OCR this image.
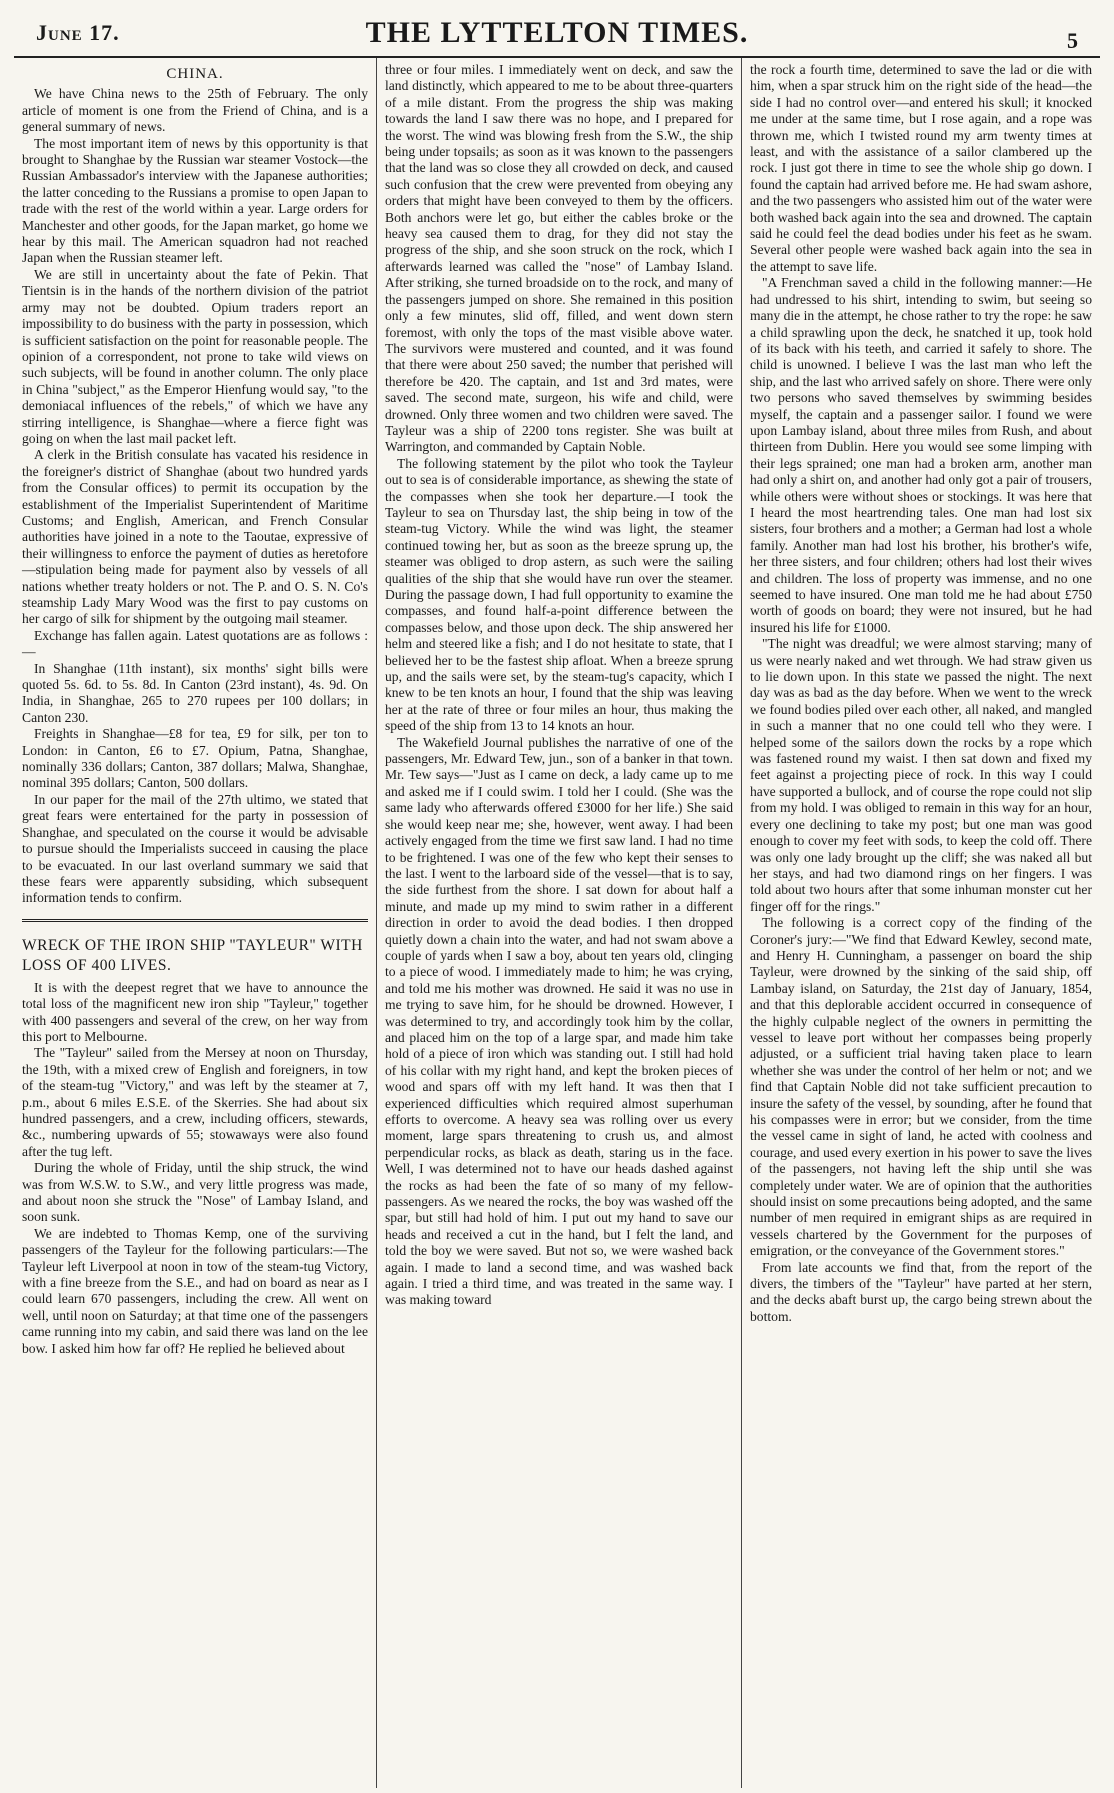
June 17.	THE LYTTELTON TIMES.	5
CHINA.

We have China news to the 25th of February. The only article of moment is one from the Friend of China, and is a general summary of news.

The most important item of news by this opportunity is that brought to Shanghae by the Russian war steamer Vostock—the Russian Ambassador's interview with the Japanese authorities; the latter conceding to the Russians a promise to open Japan to trade with the rest of the world within a year. Large orders for Manchester and other goods, for the Japan market, go home we hear by this mail. The American squadron had not reached Japan when the Russian steamer left.

We are still in uncertainty about the fate of Pekin. That Tientsin is in the hands of the northern division of the patriot army may not be doubted. Opium traders report an impossibility to do business with the party in possession, which is sufficient satisfaction on the point for reasonable people. The opinion of a correspondent, not prone to take wild views on such subjects, will be found in another column. The only place in China "subject," as the Emperor Hienfung would say, "to the demoniacal influences of the rebels," of which we have any stirring intelligence, is Shanghae—where a fierce fight was going on when the last mail packet left.

A clerk in the British consulate has vacated his residence in the foreigner's district of Shanghae (about two hundred yards from the Consular offices) to permit its occupation by the establishment of the Imperialist Superintendent of Maritime Customs; and English, American, and French Consular authorities have joined in a note to the Taoutae, expressive of their willingness to enforce the payment of duties as heretofore—stipulation being made for payment also by vessels of all nations whether treaty holders or not. The P. and O. S. N. Co's steamship Lady Mary Wood was the first to pay customs on her cargo of silk for shipment by the outgoing mail steamer.

Exchange has fallen again. Latest quotations are as follows :—

In Shanghae (11th instant), six months' sight bills were quoted 5s. 6d. to 5s. 8d. In Canton (23rd instant), 4s. 9d. On India, in Shanghae, 265 to 270 rupees per 100 dollars; in Canton 230.

Freights in Shanghae—£8 for tea, £9 for silk, per ton to London: in Canton, £6 to £7. Opium, Patna, Shanghae, nominally 336 dollars; Canton, 387 dollars; Malwa, Shanghae, nominal 395 dollars; Canton, 500 dollars.

In our paper for the mail of the 27th ultimo, we stated that great fears were entertained for the party in possession of Shanghae, and speculated on the course it would be advisable to pursue should the Imperialists succeed in causing the place to be evacuated. In our last overland summary we said that these fears were apparently subsiding, which subsequent information tends to confirm.

WRECK OF THE IRON SHIP "TAYLEUR" WITH LOSS OF 400 LIVES.

It is with the deepest regret that we have to announce the total loss of the magnificent new iron ship "Tayleur," together with 400 passengers and several of the crew, on her way from this port to Melbourne.

The "Tayleur" sailed from the Mersey at noon on Thursday, the 19th, with a mixed crew of English and foreigners, in tow of the steam-tug "Victory," and was left by the steamer at 7, p.m., about 6 miles E.S.E. of the Skerries. She had about six hundred passengers, and a crew, including officers, stewards, &c., numbering upwards of 55; stowaways were also found after the tug left.

During the whole of Friday, until the ship struck, the wind was from W.S.W. to S.W., and very little progress was made, and about noon she struck the "Nose" of Lambay Island, and soon sunk.

We are indebted to Thomas Kemp, one of the surviving passengers of the Tayleur for the following particulars:—The Tayleur left Liverpool at noon in tow of the steam-tug Victory, with a fine breeze from the S.E., and had on board as near as I could learn 670 passengers, including the crew. All went on well, until noon on Saturday; at that time one of the passengers came running into my cabin, and said there was land on the lee bow. I asked him how far off? He replied he believed about

three or four miles. I immediately went on deck, and saw the land distinctly, which appeared to me to be about three-quarters of a mile distant. From the progress the ship was making towards the land I saw there was no hope, and I prepared for the worst. The wind was blowing fresh from the S.W., the ship being under topsails; as soon as it was known to the passengers that the land was so close they all crowded on deck, and caused such confusion that the crew were prevented from obeying any orders that might have been conveyed to them by the officers. Both anchors were let go, but either the cables broke or the heavy sea caused them to drag, for they did not stay the progress of the ship, and she soon struck on the rock, which I afterwards learned was called the "nose" of Lambay Island. After striking, she turned broadside on to the rock, and many of the passengers jumped on shore. She remained in this position only a few minutes, slid off, filled, and went down stern foremost, with only the tops of the mast visible above water. The survivors were mustered and counted, and it was found that there were about 250 saved; the number that perished will therefore be 420. The captain, and 1st and 3rd mates, were saved. The second mate, surgeon, his wife and child, were drowned. Only three women and two children were saved. The Tayleur was a ship of 2200 tons register. She was built at Warrington, and commanded by Captain Noble.

The following statement by the pilot who took the Tayleur out to sea is of considerable importance, as shewing the state of the compasses when she took her departure.—I took the Tayleur to sea on Thursday last, the ship being in tow of the steam-tug Victory. While the wind was light, the steamer continued towing her, but as soon as the breeze sprung up, the steamer was obliged to drop astern, as such were the sailing qualities of the ship that she would have run over the steamer. During the passage down, I had full opportunity to examine the compasses, and found half-a-point difference between the compasses below, and those upon deck. The ship answered her helm and steered like a fish; and I do not hesitate to state, that I believed her to be the fastest ship afloat. When a breeze sprung up, and the sails were set, by the steam-tug's capacity, which I knew to be ten knots an hour, I found that the ship was leaving her at the rate of three or four miles an hour, thus making the speed of the ship from 13 to 14 knots an hour.

The Wakefield Journal publishes the narrative of one of the passengers, Mr. Edward Tew, jun., son of a banker in that town. Mr. Tew says—"Just as I came on deck, a lady came up to me and asked me if I could swim. I told her I could. (She was the same lady who afterwards offered £3000 for her life.) She said she would keep near me; she, however, went away. I had been actively engaged from the time we first saw land. I had no time to be frightened. I was one of the few who kept their senses to the last. I went to the larboard side of the vessel—that is to say, the side furthest from the shore. I sat down for about half a minute, and made up my mind to swim rather in a different direction in order to avoid the dead bodies. I then dropped quietly down a chain into the water, and had not swam above a couple of yards when I saw a boy, about ten years old, clinging to a piece of wood. I immediately made to him; he was crying, and told me his mother was drowned. He said it was no use in me trying to save him, for he should be drowned. However, I was determined to try, and accordingly took him by the collar, and placed him on the top of a large spar, and made him take hold of a piece of iron which was standing out. I still had hold of his collar with my right hand, and kept the broken pieces of wood and spars off with my left hand. It was then that I experienced difficulties which required almost superhuman efforts to overcome. A heavy sea was rolling over us every moment, large spars threatening to crush us, and almost perpendicular rocks, as black as death, staring us in the face. Well, I was determined not to have our heads dashed against the rocks as had been the fate of so many of my fellow-passengers. As we neared the rocks, the boy was washed off the spar, but still had hold of him. I put out my hand to save our heads and received a cut in the hand, but I felt the land, and told the boy we were saved. But not so, we were washed back again. I made to land a second time, and was washed back again. I tried a third time, and was treated in the same way. I was making toward

the rock a fourth time, determined to save the lad or die with him, when a spar struck him on the right side of the head—the side I had no control over—and entered his skull; it knocked me under at the same time, but I rose again, and a rope was thrown me, which I twisted round my arm twenty times at least, and with the assistance of a sailor clambered up the rock. I just got there in time to see the whole ship go down. I found the captain had arrived before me. He had swam ashore, and the two passengers who assisted him out of the water were both washed back again into the sea and drowned. The captain said he could feel the dead bodies under his feet as he swam. Several other people were washed back again into the sea in the attempt to save life.

"A Frenchman saved a child in the following manner:—He had undressed to his shirt, intending to swim, but seeing so many die in the attempt, he chose rather to try the rope: he saw a child sprawling upon the deck, he snatched it up, took hold of its back with his teeth, and carried it safely to shore. The child is unowned. I believe I was the last man who left the ship, and the last who arrived safely on shore. There were only two persons who saved themselves by swimming besides myself, the captain and a passenger sailor. I found we were upon Lambay island, about three miles from Rush, and about thirteen from Dublin. Here you would see some limping with their legs sprained; one man had a broken arm, another man had only a shirt on, and another had only got a pair of trousers, while others were without shoes or stockings. It was here that I heard the most heartrending tales. One man had lost six sisters, four brothers and a mother; a German had lost a whole family. Another man had lost his brother, his brother's wife, her three sisters, and four children; others had lost their wives and children. The loss of property was immense, and no one seemed to have insured. One man told me he had about £750 worth of goods on board; they were not insured, but he had insured his life for £1000.

"The night was dreadful; we were almost starving; many of us were nearly naked and wet through. We had straw given us to lie down upon. In this state we passed the night. The next day was as bad as the day before. When we went to the wreck we found bodies piled over each other, all naked, and mangled in such a manner that no one could tell who they were. I helped some of the sailors down the rocks by a rope which was fastened round my waist. I then sat down and fixed my feet against a projecting piece of rock. In this way I could have supported a bullock, and of course the rope could not slip from my hold. I was obliged to remain in this way for an hour, every one declining to take my post; but one man was good enough to cover my feet with sods, to keep the cold off. There was only one lady brought up the cliff; she was naked all but her stays, and had two diamond rings on her fingers. I was told about two hours after that some inhuman monster cut her finger off for the rings."

The following is a correct copy of the finding of the Coroner's jury:—"We find that Edward Kewley, second mate, and Henry H. Cunningham, a passenger on board the ship Tayleur, were drowned by the sinking of the said ship, off Lambay island, on Saturday, the 21st day of January, 1854, and that this deplorable accident occurred in consequence of the highly culpable neglect of the owners in permitting the vessel to leave port without her compasses being properly adjusted, or a sufficient trial having taken place to learn whether she was under the control of her helm or not; and we find that Captain Noble did not take sufficient precaution to insure the safety of the vessel, by sounding, after he found that his compasses were in error; but we consider, from the time the vessel came in sight of land, he acted with coolness and courage, and used every exertion in his power to save the lives of the passengers, not having left the ship until she was completely under water. We are of opinion that the authorities should insist on some precautions being adopted, and the same number of men required in emigrant ships as are required in vessels chartered by the Government for the purposes of emigration, or the conveyance of the Government stores."

From late accounts we find that, from the report of the divers, the timbers of the "Tayleur" have parted at her stern, and the decks abaft burst up, the cargo being strewn about the bottom.
